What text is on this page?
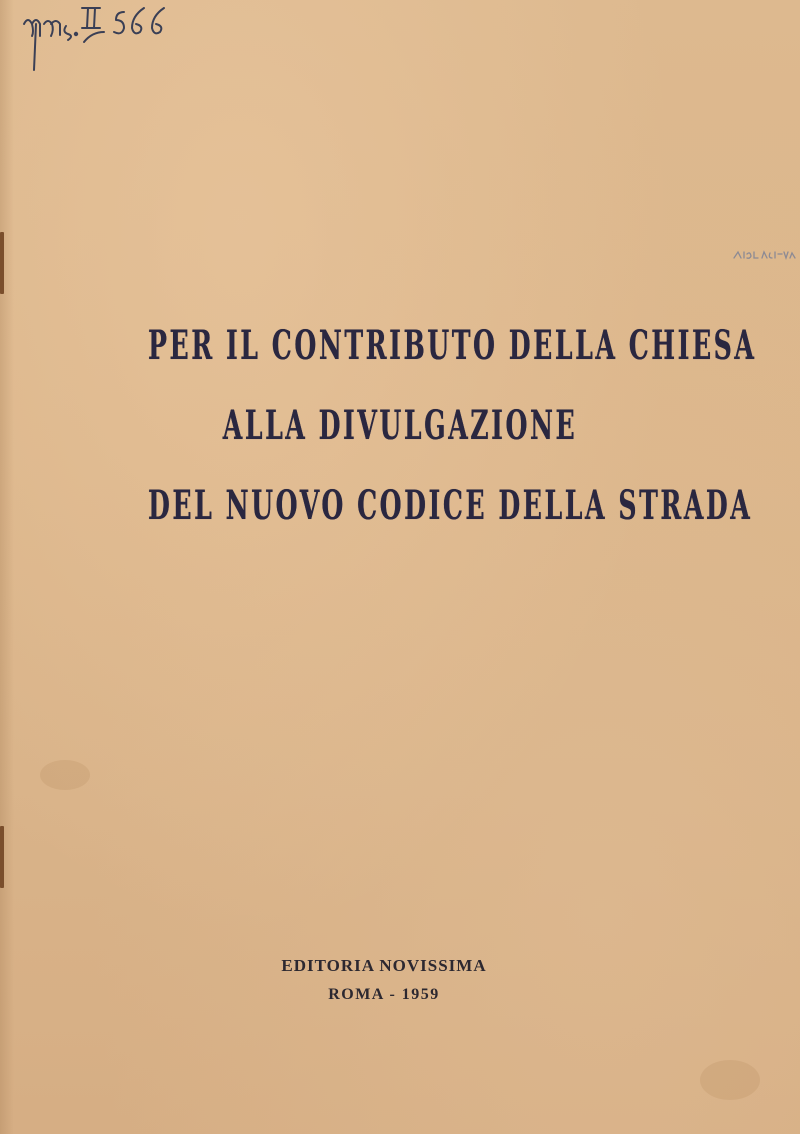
PER IL CONTRIBUTO DELLA CHIESA
ALLA DIVULGAZIONE
DEL NUOVO CODICE DELLA STRADA
EDITORIA NOVISSIMA
ROMA - 1959
